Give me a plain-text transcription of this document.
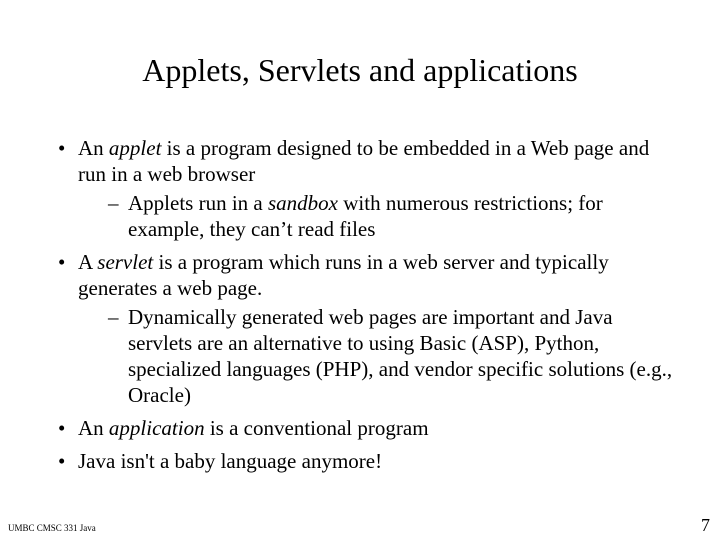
Applets, Servlets and applications
• An applet is a program designed to be embedded in a Web page and run in a web browser
– Applets run in a sandbox with numerous restrictions; for example, they can’t read files
• A servlet is a program which runs in a web server and typically generates a web page.
– Dynamically generated web pages are important and Java servlets are an alternative to using Basic (ASP), Python, specialized languages (PHP), and vendor specific solutions (e.g., Oracle)
• An application is a conventional program
• Java isn't a baby language anymore!
UMBC CMSC 331 Java	7
